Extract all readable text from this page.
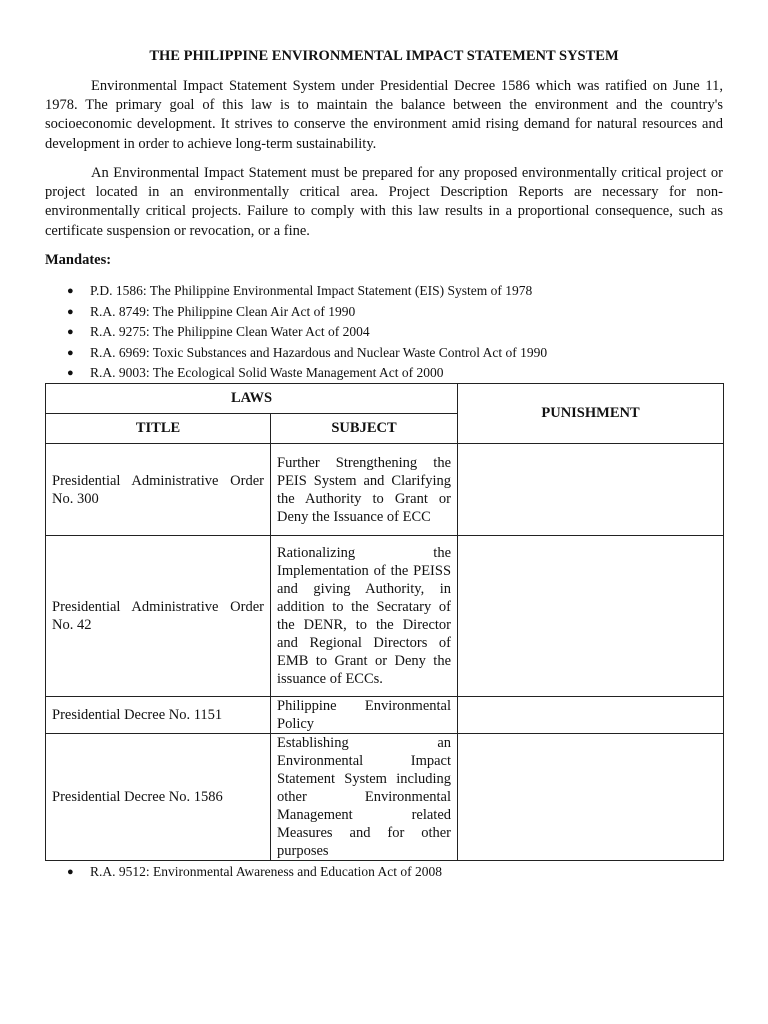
THE PHILIPPINE ENVIRONMENTAL IMPACT STATEMENT SYSTEM

Environmental Impact Statement System under Presidential Decree 1586 which was ratified on June 11, 1978. The primary goal of this law is to maintain the balance between the environment and the country's socioeconomic development. It strives to conserve the environment amid rising demand for natural resources and development in order to achieve long-term sustainability.

An Environmental Impact Statement must be prepared for any proposed environmentally critical project or project located in an environmentally critical area. Project Description Reports are necessary for non-environmentally critical projects. Failure to comply with this law results in a proportional consequence, such as certificate suspension or revocation, or a fine.

Mandates:
● P.D. 1586: The Philippine Environmental Impact Statement (EIS) System of 1978
● R.A. 8749: The Philippine Clean Air Act of 1990
● R.A. 9275: The Philippine Clean Water Act of 2004
● R.A. 6969: Toxic Substances and Hazardous and Nuclear Waste Control Act of 1990
● R.A. 9003: The Ecological Solid Waste Management Act of 2000
LAWS		PUNISHMENT
TITLE	SUBJECT	
Presidential Administrative Order No. 300	Further Strengthening the PEIS System and Clarifying the Authority to Grant or Deny the Issuance of ECC	
Presidential Administrative Order No. 42	Rationalizing the Implementation of the PEISS and giving Authority, in addition to the Secratary of the DENR, to the Director and Regional Directors of EMB to Grant or Deny the issuance of ECCs.	
Presidential Decree No. 1151	Philippine Environmental Policy	
Presidential Decree No. 1586	Establishing an Environmental Impact Statement System including other Environmental Management related Measures and for other purposes	
● R.A. 9512: Environmental Awareness and Education Act of 2008
